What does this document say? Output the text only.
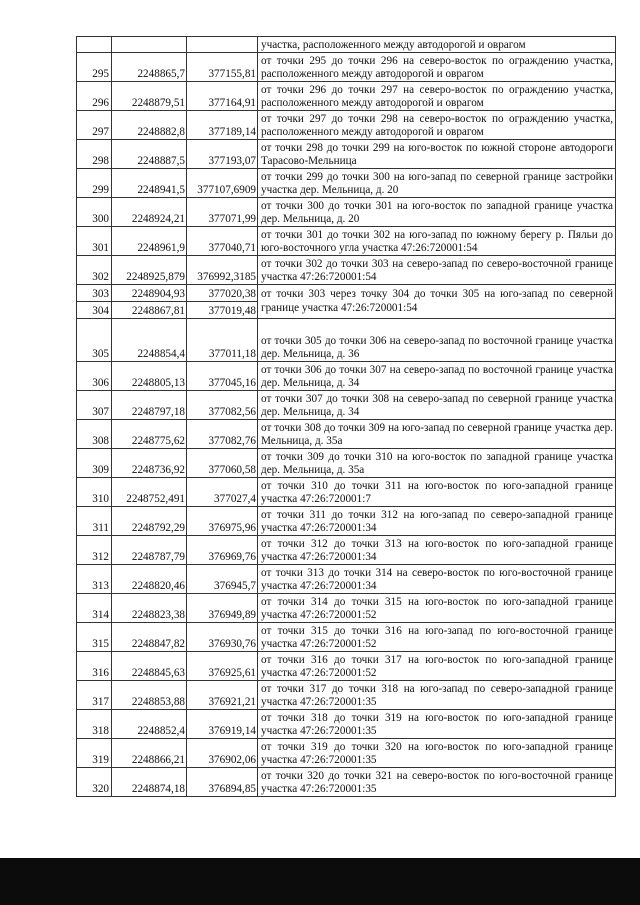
			участка, расположенного между автодорогой и оврагом
295	2248865,7	377155,81	от точки 295 до точки 296 на северо-восток по ограждению участка, расположенного между автодорогой и оврагом
296	2248879,51	377164,91	от точки 296 до точки 297 на северо-восток по ограждению участка, расположенного между автодорогой и оврагом
297	2248882,8	377189,14	от точки 297 до точки 298 на северо-восток по ограждению участка, расположенного между автодорогой и оврагом
298	2248887,5	377193,07	от точки 298 до точки 299 на юго-восток по южной стороне автодороги Тарасово-Мельница
299	2248941,5	377107,6909	от точки 299 до точки 300 на юго-запад по северной границе застройки участка дер. Мельница, д. 20
300	2248924,21	377071,99	от точки 300 до точки 301 на юго-восток по западной границе участка дер. Мельница, д. 20
301	2248961,9	377040,71	от точки 301 до точки 302 на юго-запад по южному берегу р. Пяльи до юго-восточного угла участка 47:26:720001:54
302	2248925,879	376992,3185	от точки 302 до точки 303 на северо-запад по северо-восточной границе участка 47:26:720001:54
303	2248904,93	377020,38	от точки 303 через точку 304 до точки 305 на юго-запад по северной границе участка 47:26:720001:54
304	2248867,81	377019,48	
305	2248854,4	377011,18	от точки 305 до точки 306 на северо-запад по восточной границе участка дер. Мельница, д. 36
306	2248805,13	377045,16	от точки 306 до точки 307 на северо-запад по восточной границе участка дер. Мельница, д. 34
307	2248797,18	377082,56	от точки 307 до точки 308 на северо-запад по северной границе участка дер. Мельница, д. 34
308	2248775,62	377082,76	от точки 308 до точки 309 на юго-запад по северной границе участка дер. Мельница, д. 35а
309	2248736,92	377060,58	от точки 309 до точки 310 на юго-восток по западной границе участка дер. Мельница, д. 35а
310	2248752,491	377027,4	от точки 310 до точки 311 на юго-восток по юго-западной границе участка 47:26:720001:7
311	2248792,29	376975,96	от точки 311 до точки 312 на юго-запад по северо-западной границе участка 47:26:720001:34
312	2248787,79	376969,76	от точки 312 до точки 313 на юго-восток по юго-западной границе участка 47:26:720001:34
313	2248820,46	376945,7	от точки 313 до точки 314 на северо-восток по юго-восточной границе участка 47:26:720001:34
314	2248823,38	376949,89	от точки 314 до точки 315 на юго-восток по юго-западной границе участка 47:26:720001:52
315	2248847,82	376930,76	от точки 315 до точки 316 на юго-запад по юго-восточной границе участка 47:26:720001:52
316	2248845,63	376925,61	от точки 316 до точки 317 на юго-восток по юго-западной границе участка 47:26:720001:52
317	2248853,88	376921,21	от точки 317 до точки 318 на юго-запад по северо-западной границе участка 47:26:720001:35
318	2248852,4	376919,14	от точки 318 до точки 319 на юго-восток по юго-западной границе участка 47:26:720001:35
319	2248866,21	376902,06	от точки 319 до точки 320 на юго-восток по юго-западной границе участка 47:26:720001:35
320	2248874,18	376894,85	от точки 320 до точки 321 на северо-восток по юго-восточной границе участка 47:26:720001:35
